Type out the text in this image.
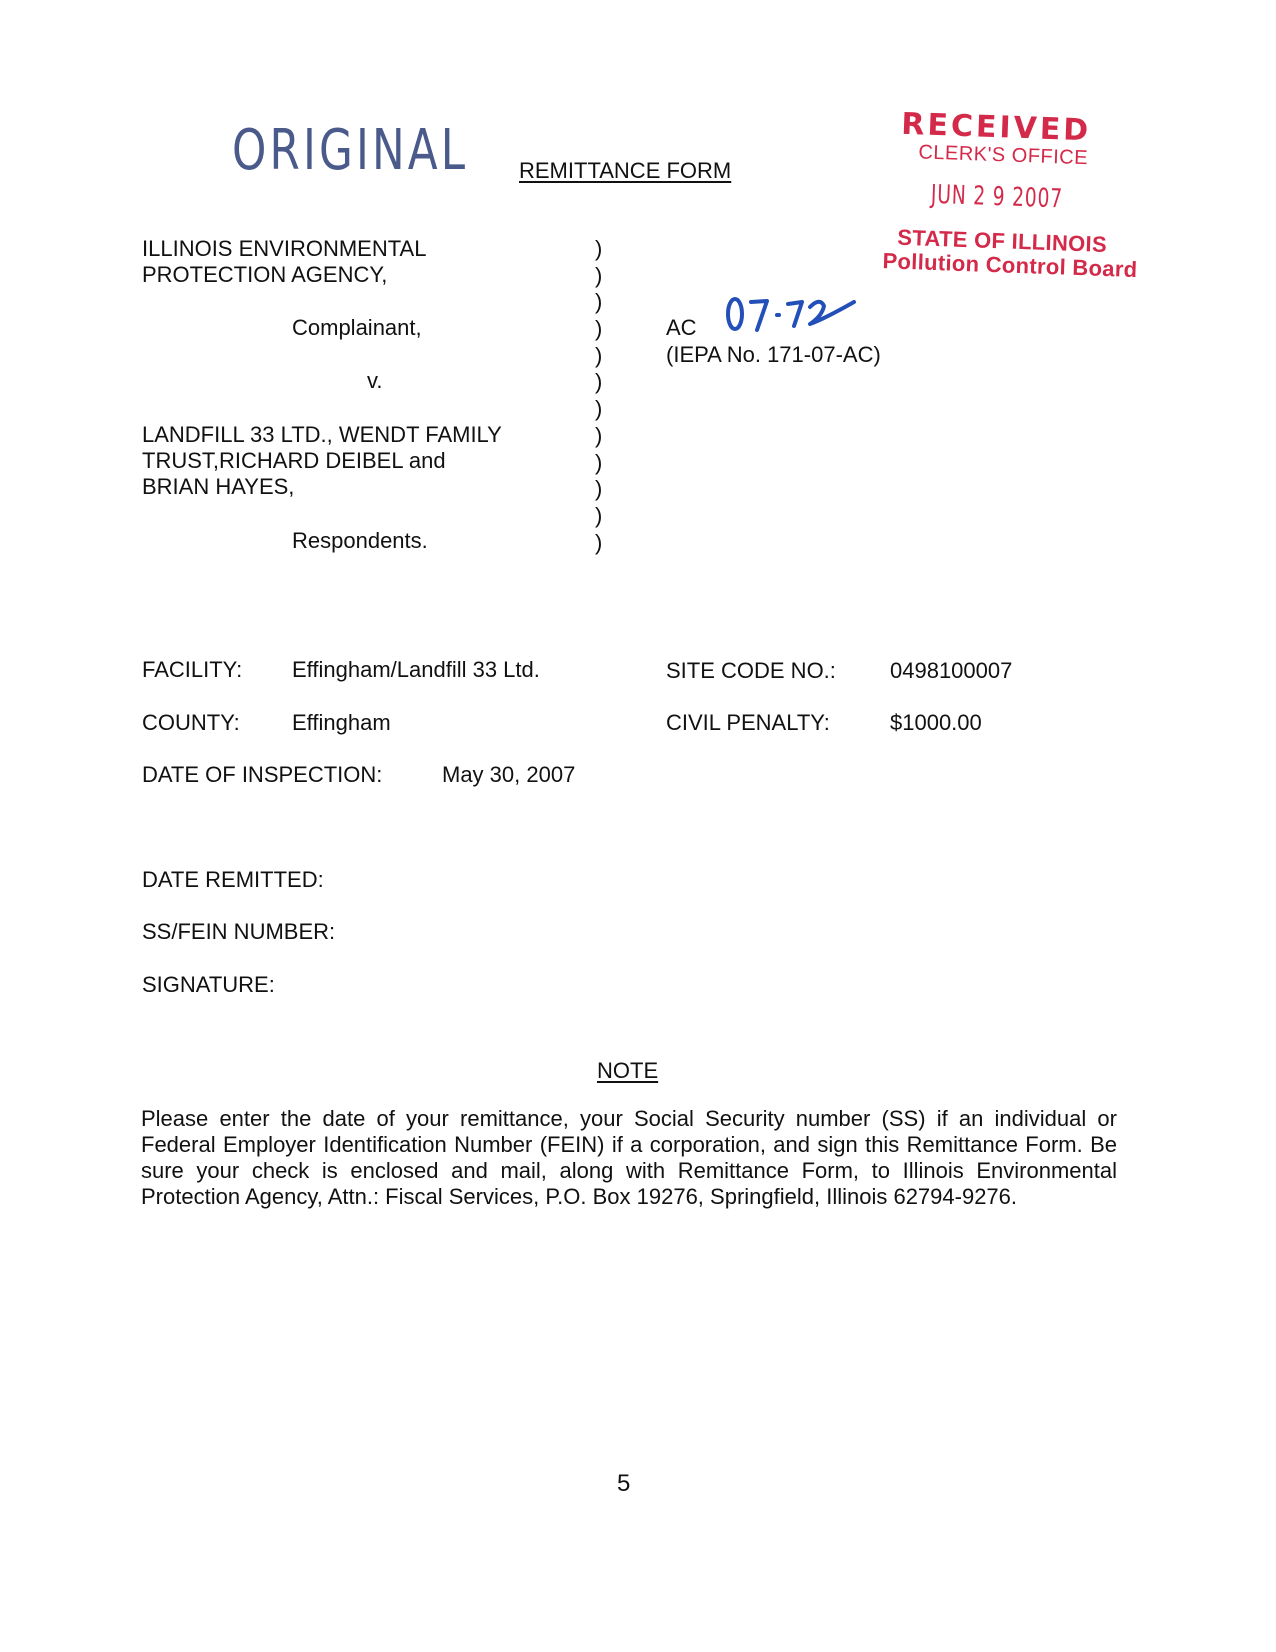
ORIGINAL REMITTANCE FORM
RECEIVED
CLERK'S OFFICE
JUN 2 9 2007
STATE OF ILLINOIS
Pollution Control Board
ILLINOIS ENVIRONMENTAL
PROTECTION AGENCY,
Complainant,
v.
LANDFILL 33 LTD., WENDT FAMILY
TRUST,RICHARD DEIBEL and
BRIAN HAYES,
Respondents.
)
)
)
)
)
)
)
)
)
)
)
)
AC
(IEPA No. 171-07-AC)
FACILITY: Effingham/Landfill 33 Ltd.	SITE CODE NO.: 0498100007
COUNTY: Effingham	CIVIL PENALTY:	$1000.00
DATE OF INSPECTION:	May 30, 2007
DATE REMITTED:
SS/FEIN NUMBER:
SIGNATURE:
NOTE
Please enter the date of your remittance, your Social Security number (SS) if an individual or Federal Employer Identification Number (FEIN) if a corporation, and sign this Remittance Form. Be sure your check is enclosed and mail, along with Remittance Form, to Illinois Environmental Protection Agency, Attn.: Fiscal Services, P.O. Box 19276, Springfield, Illinois 62794-9276.
5
